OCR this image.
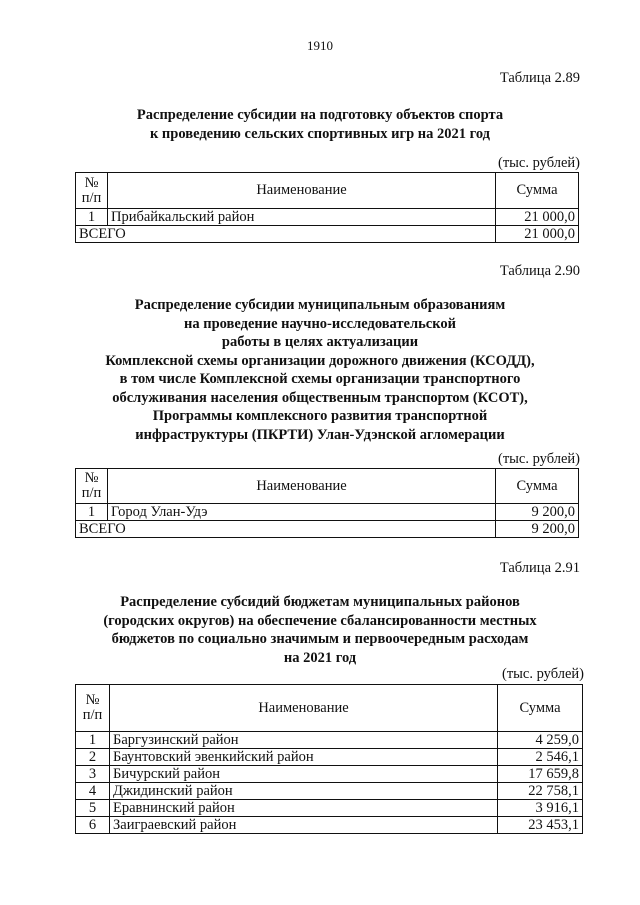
1910
Таблица 2.89
Распределение субсидии на подготовку объектов спорта
к проведению сельских спортивных игр на 2021 год
(тыс. рублей)
№ п/п	Наименование	Сумма
1	Прибайкальский район	21 000,0
ВСЕГО		21 000,0
Таблица 2.90
Распределение субсидии муниципальным образованиям
на проведение научно-исследовательской
работы в целях актуализации
Комплексной схемы организации дорожного движения (КСОДД),
в том числе Комплексной схемы организации транспортного
обслуживания населения общественным транспортом (КСОТ),
Программы комплексного развития транспортной
инфраструктуры (ПКРТИ) Улан-Удэнской агломерации
(тыс. рублей)
№ п/п	Наименование	Сумма
1	Город Улан-Удэ	9 200,0
ВСЕГО		9 200,0
Таблица 2.91
Распределение субсидий бюджетам муниципальных районов
(городских округов) на обеспечение сбалансированности местных
бюджетов по социально значимым и первоочередным расходам
на 2021 год
(тыс. рублей)
№ п/п	Наименование	Сумма
1	Баргузинский район	4 259,0
2	Баунтовский эвенкийский район	2 546,1
3	Бичурский район	17 659,8
4	Джидинский район	22 758,1
5	Еравнинский район	3 916,1
6	Заиграевский район	23 453,1
